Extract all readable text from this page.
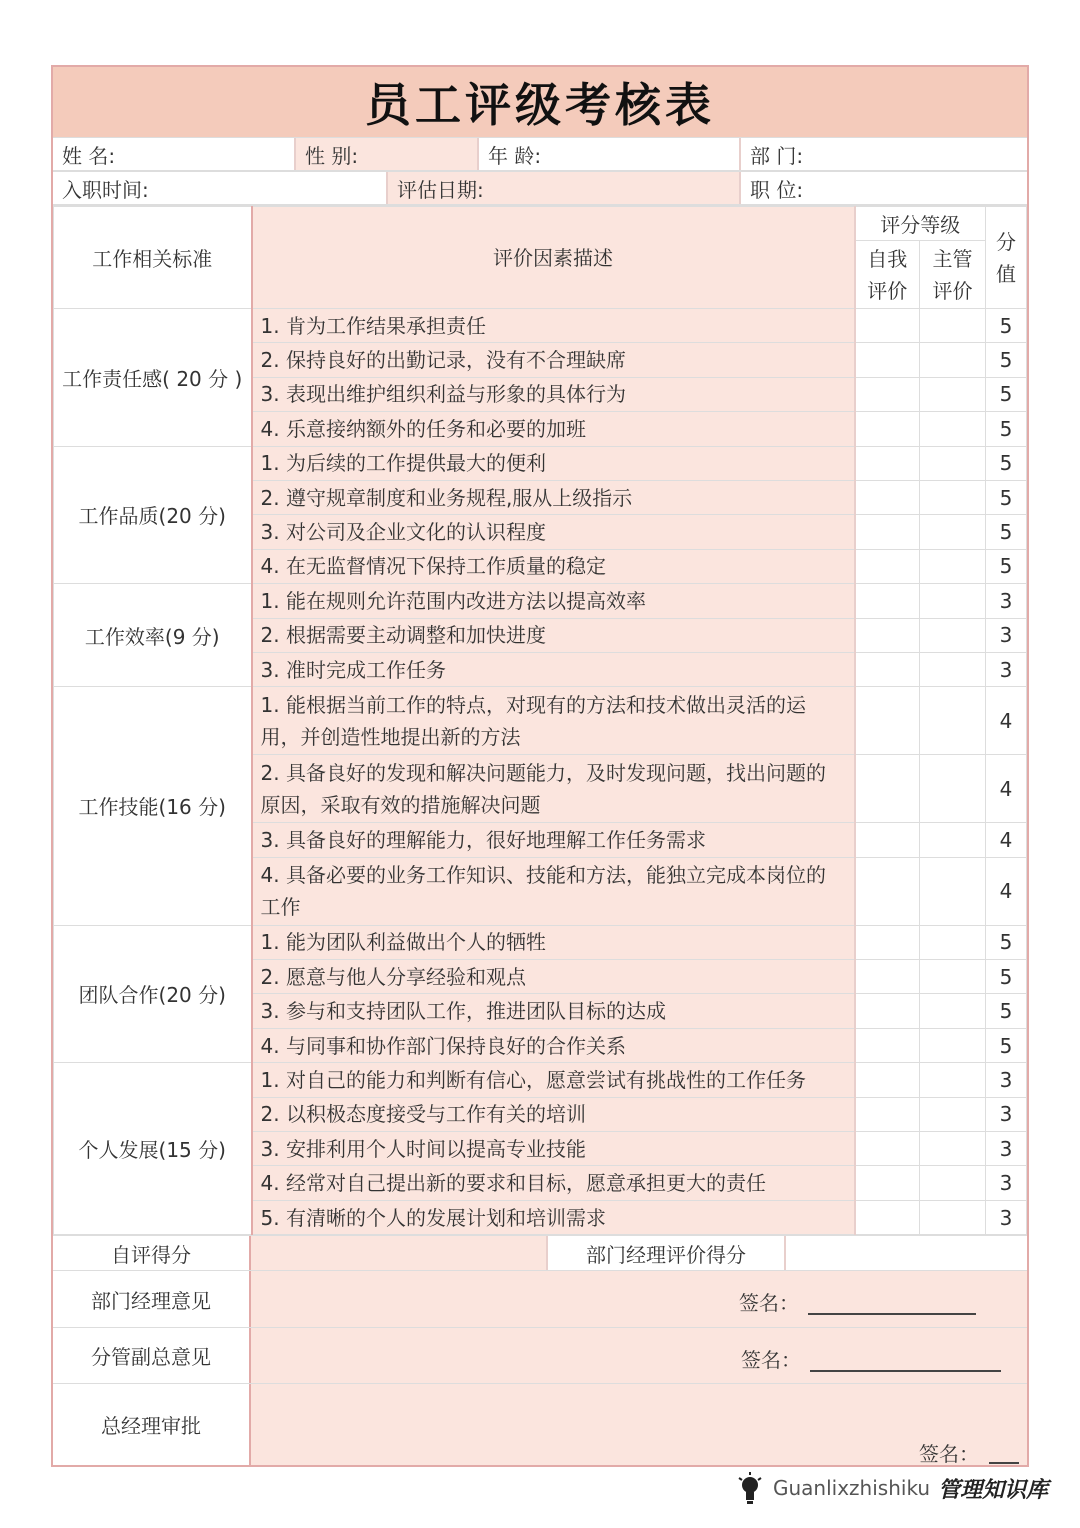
员工评级考核表
姓 名:	性 别:	年 龄:	部 门:
入职时间:	评估日期:	职 位:
工作相关标准	评价因素描述	评分等级		分值
		自我评价	主管评价	
工作责任感( 20 分 )	1. 肯为工作结果承担责任			5
	2. 保持良好的出勤记录，没有不合理缺席			5
	3. 表现出维护组织利益与形象的具体行为			5
	4. 乐意接纳额外的任务和必要的加班			5
工作品质(20 分)	1. 为后续的工作提供最大的便利			5
	2. 遵守规章制度和业务规程,服从上级指示			5
	3. 对公司及企业文化的认识程度			5
	4. 在无监督情况下保持工作质量的稳定			5
工作效率(9 分)	1. 能在规则允许范围内改进方法以提高效率			3
	2. 根据需要主动调整和加快进度			3
	3. 准时完成工作任务			3
工作技能(16 分)	1. 能根据当前工作的特点，对现有的方法和技术做出灵活的运用，并创造性地提出新的方法			4
	2. 具备良好的发现和解决问题能力，及时发现问题，找出问题的原因，采取有效的措施解决问题			4
	3. 具备良好的理解能力，很好地理解工作任务需求			4
	4. 具备必要的业务工作知识、技能和方法，能独立完成本岗位的工作			4
团队合作(20 分)	1. 能为团队利益做出个人的牺牲			5
	2. 愿意与他人分享经验和观点			5
	3. 参与和支持团队工作，推进团队目标的达成			5
	4. 与同事和协作部门保持良好的合作关系			5
个人发展(15 分)	1. 对自己的能力和判断有信心，愿意尝试有挑战性的工作任务			3
	2. 以积极态度接受与工作有关的培训			3
	3. 安排利用个人时间以提高专业技能			3
	4. 经常对自己提出新的要求和目标，愿意承担更大的责任			3
	5. 有清晰的个人的发展计划和培训需求			3
自评得分	部门经理评价得分
部门经理意见	签名：
分管副总意见	签名：
总经理审批
签名：
Guanlixzhishiku 管理知识库
